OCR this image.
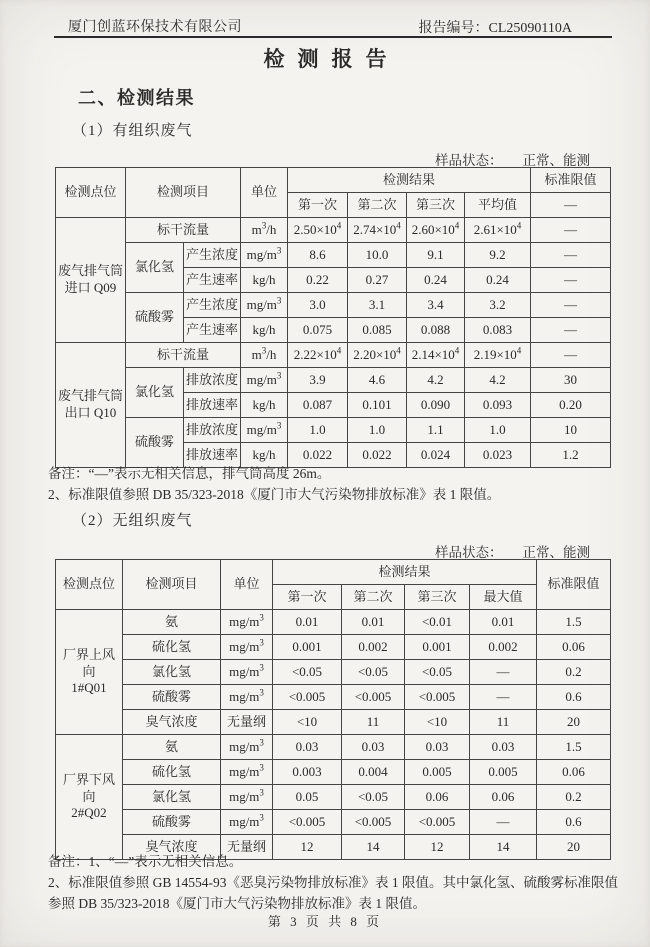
厦门创蓝环保技术有限公司	报告编号：CL25090110A
检测报告
二、检测结果
（1）有组织废气
样品状态： 正常、能测
检测点位	检测项目		单位	检测结果				标准限值
				第一次	第二次	第三次	平均值	—
废气排气筒
进口 Q09	标干流量		$m^3/h$	$2.50\times 10^4$	$2.74\times 10^4$	$2.60\times 10^4$	$2.61\times 10^4$	—
	氯化氢	产生浓度	$mg/m^3$	8.6	10.0	9.1	9.2	—
		产生速率	kg/h	0.22	0.27	0.24	0.24	—
	硫酸雾	产生浓度	$mg/m^3$	3.0	3.1	3.4	3.2	—
		产生速率	kg/h	0.075	0.085	0.088	0.083	—
废气排气筒
出口 Q10	标干流量		$m^3/h$	$2.22\times 10^4$	$2.20\times 10^4$	$2.14\times 10^4$	$2.19\times 10^4$	—
	氯化氢	排放浓度	$mg/m^3$	3.9	4.6	4.2	4.2	30
		排放速率	kg/h	0.087	0.101	0.090	0.093	0.20
	硫酸雾	排放浓度	$mg/m^3$	1.0	1.0	1.1	1.0	10
		排放速率	kg/h	0.022	0.022	0.024	0.023	1.2

备注：“—”表示无相关信息，排气筒高度 26m。

2、标准限值参照 DB 35/323-2018《厦门市大气污染物排放标准》表 1 限值。

（2）无组织废气
样品状态： 正常、能测
检测点位	检测项目	单位	检测结果				标准限值
			第一次	第二次	第三次	最大值	
厂界上风向
1#Q01	氨	$mg/m^3$	0.01	0.01	<0.01	0.01	1.5
	硫化氢	$mg/m^3$	0.001	0.002	0.001	0.002	0.06
	氯化氢	$mg/m^3$	<0.05	<0.05	<0.05	—	0.2
	硫酸雾	$mg/m^3$	<0.005	<0.005	<0.005	—	0.6
	臭气浓度	无量纲	<10	11	<10	11	20
厂界下风向
2#Q02	氨	$mg/m^3$	0.03	0.03	0.03	0.03	1.5
	硫化氢	$mg/m^3$	0.003	0.004	0.005	0.005	0.06
	氯化氢	$mg/m^3$	0.05	<0.05	0.06	0.06	0.2
	硫酸雾	$mg/m^3$	<0.005	<0.005	<0.005	—	0.6
	臭气浓度	无量纲	12	14	12	14	20

备注：1、“—”表示无相关信息。

2、标准限值参照 GB 14554-93《恶臭污染物排放标准》表 1 限值。其中氯化氢、硫酸雾标准限值参照 DB 35/323-2018《厦门市大气污染物排放标准》表 1 限值。

第 3 页 共 8 页
